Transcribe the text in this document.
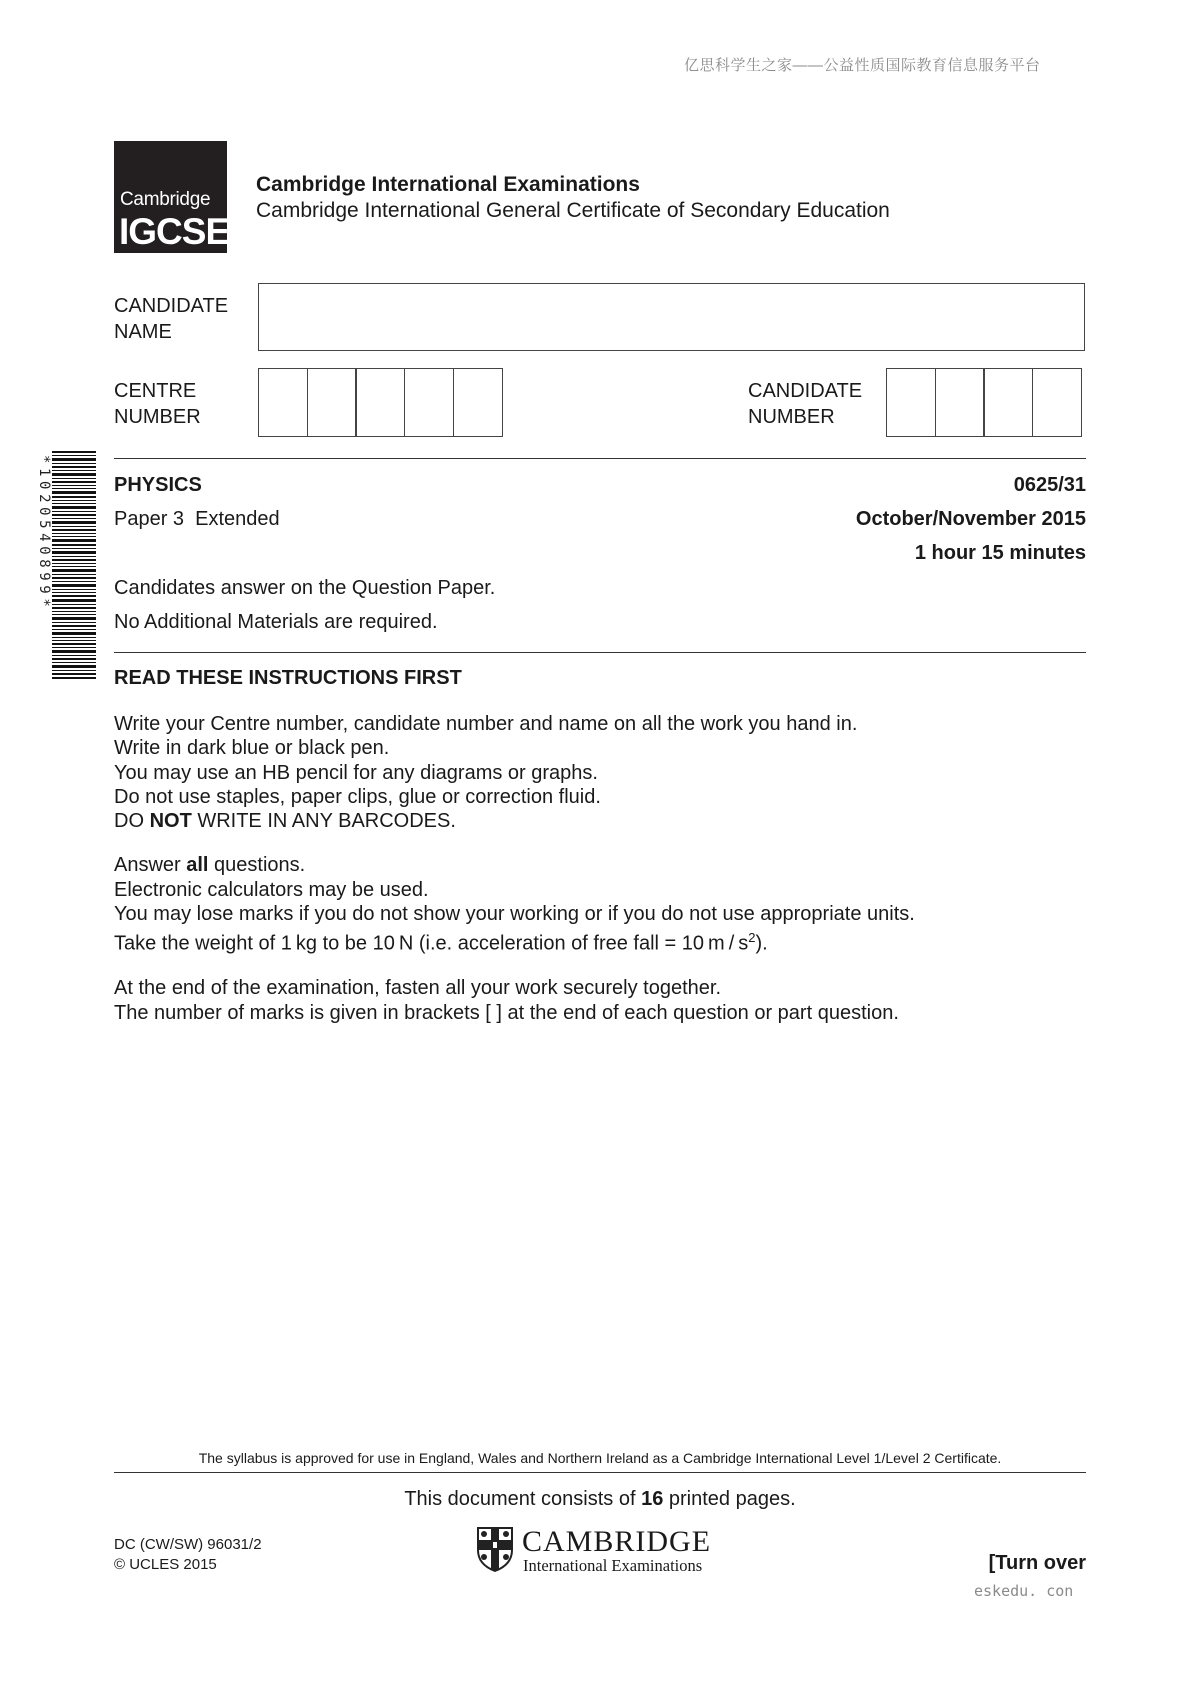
亿思科学生之家——公益性质国际教育信息服务平台
Cambridge
IGCSE
Cambridge International Examinations
Cambridge International General Certificate of Secondary Education
CANDIDATE
NAME
CENTRE
NUMBER
CANDIDATE
NUMBER
*1020540899*	PHYSICS	0625/31
Paper 3  Extended	October/November 2015
1 hour 15 minutes
Candidates answer on the Question Paper.
No Additional Materials are required.
READ THESE INSTRUCTIONS FIRST
Write your Centre number, candidate number and name on all the work you hand in.
Write in dark blue or black pen.
You may use an HB pencil for any diagrams or graphs.
Do not use staples, paper clips, glue or correction fluid.
DO NOT WRITE IN ANY BARCODES.
Answer all questions.
Electronic calculators may be used.
You may lose marks if you do not show your working or if you do not use appropriate units.
Take the weight of 1 kg to be 10 N (i.e. acceleration of free fall = 10 m / $s^2$).
At the end of the examination, fasten all your work securely together.
The number of marks is given in brackets [ ] at the end of each question or part question.
The syllabus is approved for use in England, Wales and Northern Ireland as a Cambridge International Level 1/Level 2 Certificate.
This document consists of 16 printed pages.
DC (CW/SW) 96031/2
© UCLES 2015
CAMBRIDGE
International Examinations	[Turn over
eskedu. con
